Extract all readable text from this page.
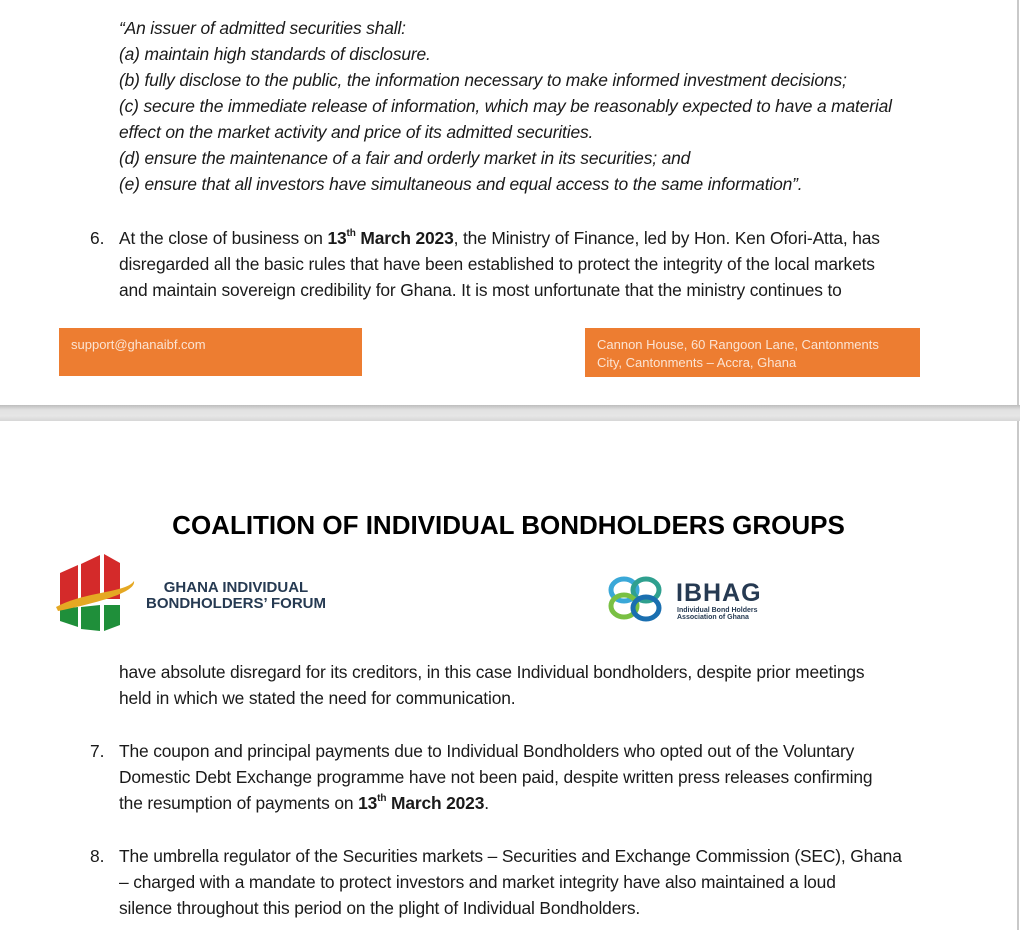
“An issuer of admitted securities shall:
(a) maintain high standards of disclosure.
(b) fully disclose to the public, the information necessary to make informed investment decisions;
(c) secure the immediate release of information, which may be reasonably expected to have a material
effect on the market activity and price of its admitted securities.
(d) ensure the maintenance of a fair and orderly market in its securities; and
(e) ensure that all investors have simultaneous and equal access to the same information”.
6. At the close of business on 13th March 2023, the Ministry of Finance, led by Hon. Ken Ofori-Atta, has
disregarded all the basic rules that have been established to protect the integrity of the local markets
and maintain sovereign credibility for Ghana. It is most unfortunate that the ministry continues to
support@ghanaibf.com	Cannon House, 60 Rangoon Lane, Cantonments
City, Cantonments – Accra, Ghana
COALITION OF INDIVIDUAL BONDHOLDERS GROUPS
GHANA INDIVIDUAL
BONDHOLDERS’ FORUM	IBHAG
Individual Bond Holders
Association of Ghana
have absolute disregard for its creditors, in this case Individual bondholders, despite prior meetings
held in which we stated the need for communication.
7. The coupon and principal payments due to Individual Bondholders who opted out of the Voluntary
Domestic Debt Exchange programme have not been paid, despite written press releases confirming
the resumption of payments on 13th March 2023.
8. The umbrella regulator of the Securities markets – Securities and Exchange Commission (SEC), Ghana
– charged with a mandate to protect investors and market integrity have also maintained a loud
silence throughout this period on the plight of Individual Bondholders.
